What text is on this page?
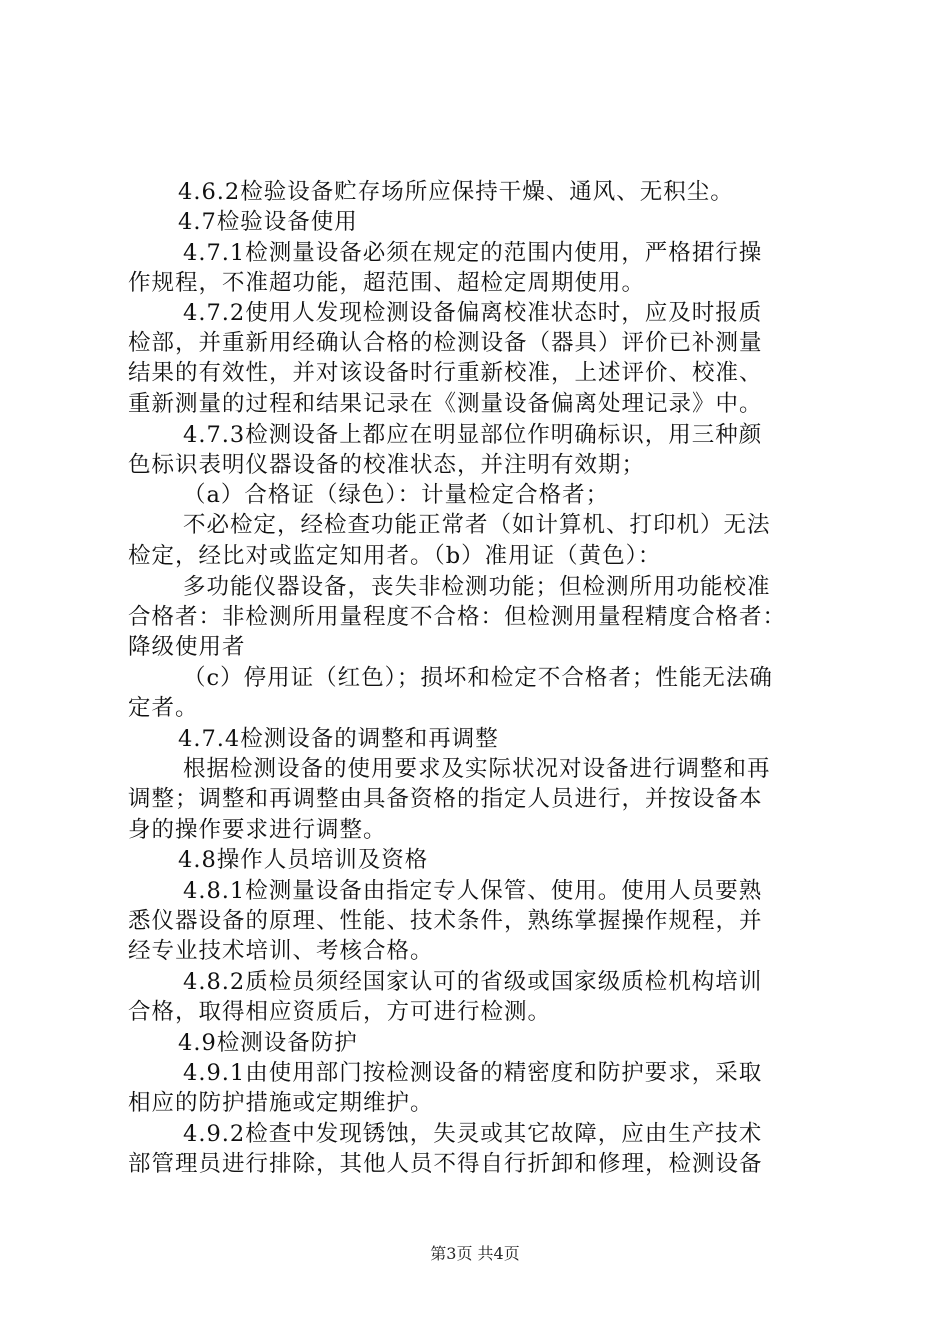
4.6.2检验设备贮存场所应保持干燥、通风、无积尘。
4.7检验设备使用
4.7.1检测量设备必须在规定的范围内使用，严格捃行操
作规程，不准超功能，超范围、超检定周期使用。
4.7.2使用人发现检测设备偏离校准状态时，应及时报质
检部，并重新用经确认合格的检测设备（器具）评价已补测量
结果的有效性，并对该设备时行重新校准，上述评价、校准、
重新测量的过程和结果记录在《测量设备偏离处理记录》中。
4.7.3检测设备上都应在明显部位作明确标识，用三种颜
色标识表明仪器设备的校准状态，并注明有效期；
（a）合格证（绿色）：计量检定合格者；
不必检定，经检查功能正常者（如计算机、打印机）无法
检定，经比对或监定知用者。（b）准用证（黄色）：
多功能仪器设备，丧失非检测功能；但检测所用功能校准
合格者：非检测所用量程度不合格：但检测用量程精度合格者：
降级使用者
（c）停用证（红色）；损坏和检定不合格者；性能无法确
定者。
4.7.4检测设备的调整和再调整
根据检测设备的使用要求及实际状况对设备进行调整和再
调整；调整和再调整由具备资格的指定人员进行，并按设备本
身的操作要求进行调整。
4.8操作人员培训及资格
4.8.1检测量设备由指定专人保管、使用。使用人员要熟
悉仪器设备的原理、性能、技术条件，熟练掌握操作规程，并
经专业技术培训、考核合格。
4.8.2质检员须经国家认可的省级或国家级质检机构培训
合格，取得相应资质后，方可进行检测。
4.9检测设备防护
4.9.1由使用部门按检测设备的精密度和防护要求，采取
相应的防护措施或定期维护。
4.9.2检查中发现锈蚀，失灵或其它故障，应由生产技术
部管理员进行排除，其他人员不得自行折卸和修理，检测设备
第3页 共4页
